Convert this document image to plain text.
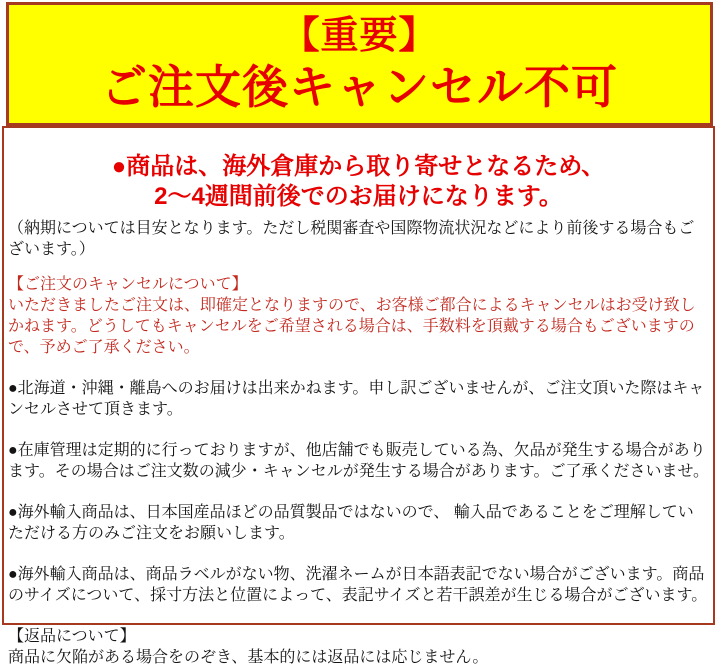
【重要】
ご注文後キャンセル不可
●商品は、海外倉庫から取り寄せとなるため、
2～4週間前後でのお届けになります。

（納期については目安となります。ただし税関審査や国際物流状況などにより前後する場合もございます。）

【ご注文のキャンセルについて】
いただきましたご注文は、即確定となりますので、お客様ご都合によるキャンセルはお受け致しかねます。どうしてもキャンセルをご希望される場合は、手数料を頂戴する場合もございますので、予めご了承ください。

●北海道・沖縄・離島へのお届けは出来かねます。申し訳ございませんが、ご注文頂いた際はキャンセルさせて頂きます。

●在庫管理は定期的に行っておりますが、他店舗でも販売している為、欠品が発生する場合があります。その場合はご注文数の減少・キャンセルが発生する場合があります。ご了承くださいませ。

●海外輸入商品は、日本国産品ほどの品質製品ではないので、 輸入品であることをご理解していただける方のみご注文をお願いします。

●海外輸入商品は、商品ラベルがない物、洗濯ネームが日本語表記でない場合がございます。商品のサイズについて、採寸方法と位置によって、表記サイズと若干誤差が生じる場合がございます。

【返品について】
商品に欠陥がある場合をのぞき、基本的には返品には応じません。
